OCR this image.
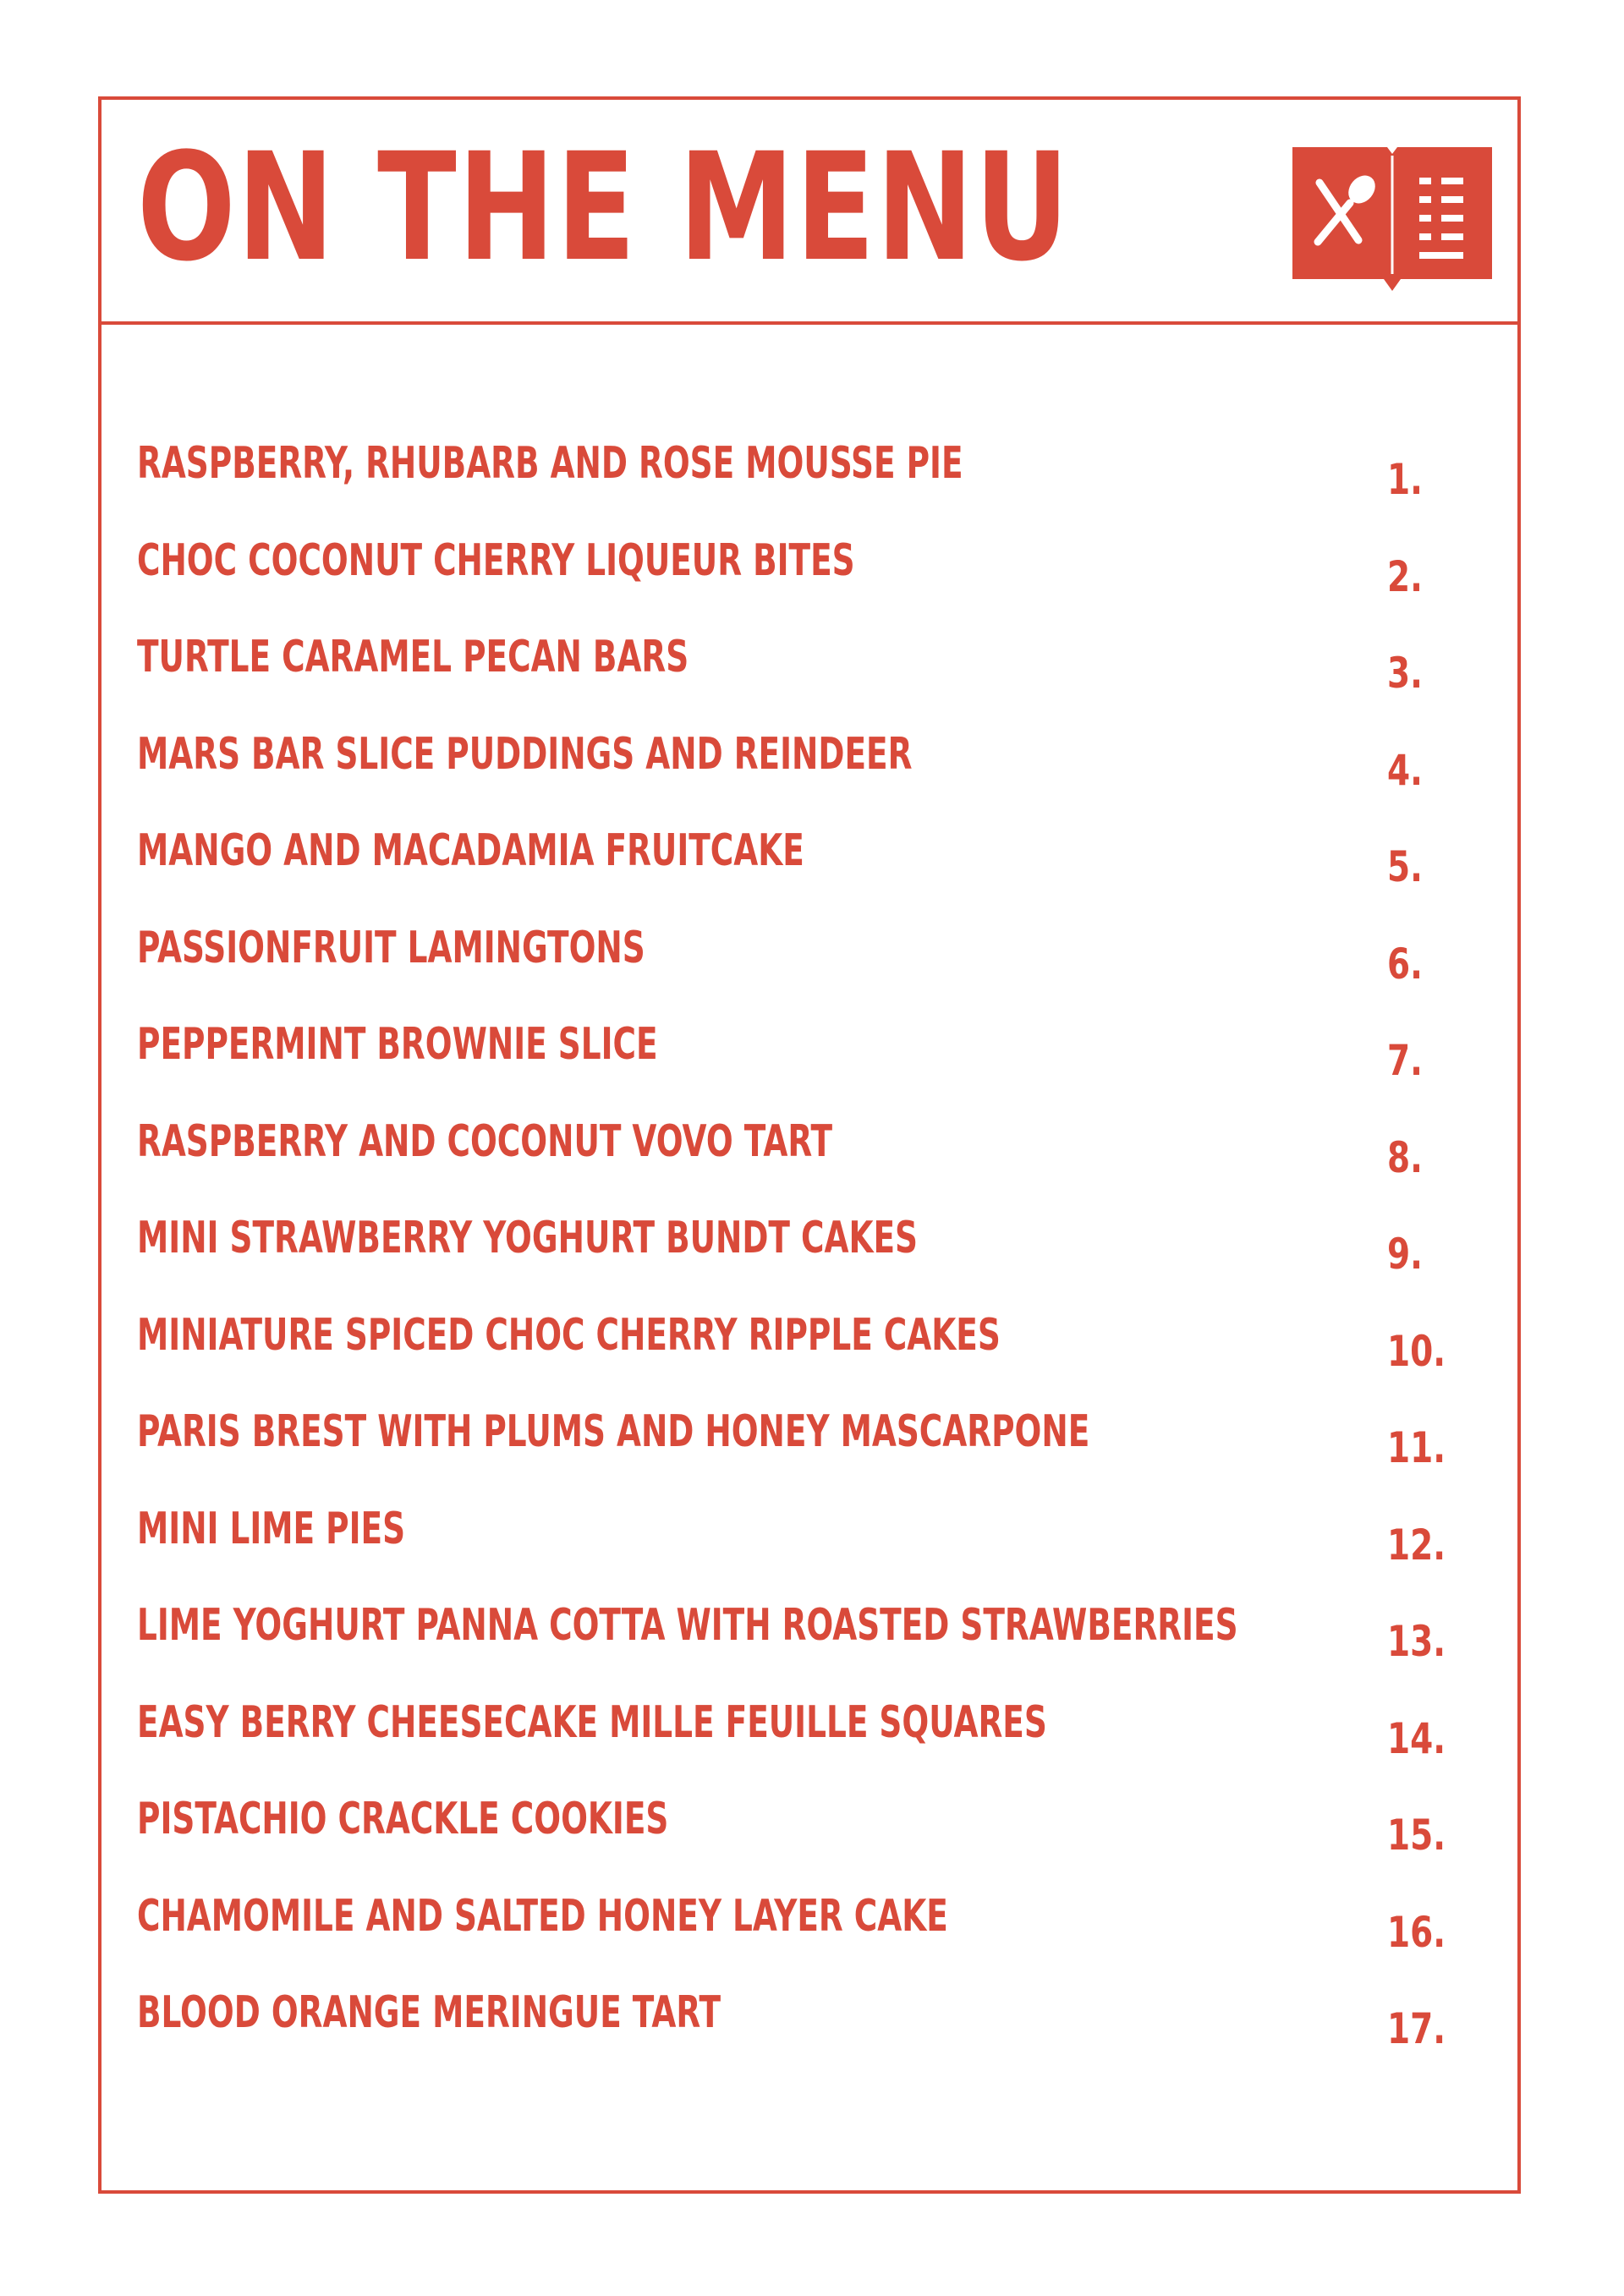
ON THE MENU
RASPBERRY, RHUBARB AND ROSE MOUSSE PIE	1.
CHOC COCONUT CHERRY LIQUEUR BITES	2.
TURTLE CARAMEL PECAN BARS	3.
MARS BAR SLICE PUDDINGS AND REINDEER	4.
MANGO AND MACADAMIA FRUITCAKE	5.
PASSIONFRUIT LAMINGTONS	6.
PEPPERMINT BROWNIE SLICE	7.
RASPBERRY AND COCONUT VOVO TART	8.
MINI STRAWBERRY YOGHURT BUNDT CAKES	9.
MINIATURE SPICED CHOC CHERRY RIPPLE CAKES	10.
PARIS BREST WITH PLUMS AND HONEY MASCARPONE	11.
MINI LIME PIES	12.
LIME YOGHURT PANNA COTTA WITH ROASTED STRAWBERRIES	13.
EASY BERRY CHEESECAKE MILLE FEUILLE SQUARES	14.
PISTACHIO CRACKLE COOKIES	15.
CHAMOMILE AND SALTED HONEY LAYER CAKE	16.
BLOOD ORANGE MERINGUE TART	17.
